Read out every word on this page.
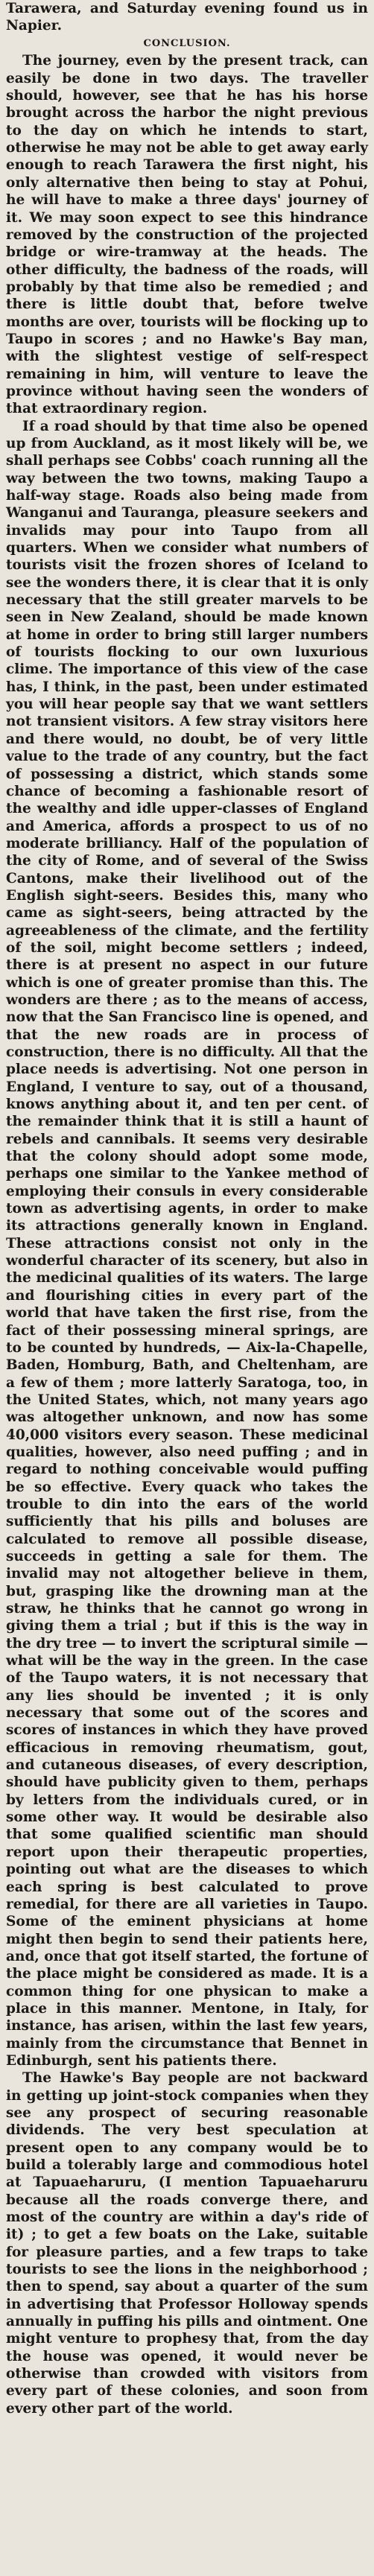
Tarawera, and Saturday evening found us in Napier.

CONCLUSION.

The journey, even by the present track, can easily be done in two days. The traveller should, however, see that he has his horse brought across the harbor the night previous to the day on which he intends to start, otherwise he may not be able to get away early enough to reach Tarawera the first night, his only alternative then being to stay at Pohui, he will have to make a three days' journey of it. We may soon expect to see this hindrance removed by the construction of the projected bridge or wire-tramway at the heads. The other difficulty, the badness of the roads, will probably by that time also be remedied ; and there is little doubt that, before twelve months are over, tourists will be flocking up to Taupo in scores ; and no Hawke's Bay man, with the slightest vestige of self-respect remaining in him, will venture to leave the province without having seen the wonders of that extraordinary region.

If a road should by that time also be opened up from Auckland, as it most likely will be, we shall perhaps see Cobbs' coach running all the way between the two towns, making Taupo a half-way stage. Roads also being made from Wanganui and Tauranga, pleasure seekers and invalids may pour into Taupo from all quarters. When we consider what numbers of tourists visit the frozen shores of Iceland to see the wonders there, it is clear that it is only necessary that the still greater marvels to be seen in New Zealand, should be made known at home in order to bring still larger numbers of tourists flocking to our own luxurious clime. The importance of this view of the case has, I think, in the past, been under estimated you will hear people say that we want settlers not transient visitors. A few stray visitors here and there would, no doubt, be of very little value to the trade of any country, but the fact of possessing a district, which stands some chance of becoming a fashionable resort of the wealthy and idle upper-classes of England and America, affords a prospect to us of no moderate brilliancy. Half of the population of the city of Rome, and of several of the Swiss Cantons, make their livelihood out of the English sight-seers. Besides this, many who came as sight-seers, being attracted by the agreeableness of the climate, and the fertility of the soil, might become settlers ; indeed, there is at present no aspect in our future which is one of greater promise than this. The wonders are there ; as to the means of access, now that the San Francisco line is opened, and that the new roads are in process of construction, there is no difficulty. All that the place needs is advertising. Not one person in England, I venture to say, out of a thousand, knows anything about it, and ten per cent. of the remainder think that it is still a haunt of rebels and cannibals. It seems very desirable that the colony should adopt some mode, perhaps one similar to the Yankee method of employing their consuls in every considerable town as advertising agents, in order to make its attractions generally known in England. These attractions consist not only in the wonderful character of its scenery, but also in the medicinal qualities of its waters. The large and flourishing cities in every part of the world that have taken the first rise, from the fact of their possessing mineral springs, are to be counted by hundreds, — Aix-la-Chapelle, Baden, Homburg, Bath, and Cheltenham, are a few of them ; more latterly Saratoga, too, in the United States, which, not many years ago was altogether unknown, and now has some 40,000 visitors every season. These medicinal qualities, however, also need puffing ; and in regard to nothing conceivable would puffing be so effective. Every quack who takes the trouble to din into the ears of the world sufficiently that his pills and boluses are calculated to remove all possible disease, succeeds in getting a sale for them. The invalid may not altogether believe in them, but, grasping like the drowning man at the straw, he thinks that he cannot go wrong in giving them a trial ; but if this is the way in the dry tree — to invert the scriptural simile — what will be the way in the green. In the case of the Taupo waters, it is not necessary that any lies should be invented ; it is only necessary that some out of the scores and scores of instances in which they have proved efficacious in removing rheumatism, gout, and cutaneous diseases, of every description, should have publicity given to them, perhaps by letters from the individuals cured, or in some other way. It would be desirable also that some qualified scientific man should report upon their therapeutic properties, pointing out what are the diseases to which each spring is best calculated to prove remedial, for there are all varieties in Taupo. Some of the eminent physicians at home might then begin to send their patients here, and, once that got itself started, the fortune of the place might be considered as made. It is a common thing for one physican to make a place in this manner. Mentone, in Italy, for instance, has arisen, within the last few years, mainly from the circumstance that Bennet in Edinburgh, sent his patients there.

The Hawke's Bay people are not backward in getting up joint-stock companies when they see any prospect of securing reasonable dividends. The very best speculation at present open to any company would be to build a tolerably large and commodious hotel at Tapuaeharuru, (I mention Tapuaeharuru because all the roads converge there, and most of the country are within a day's ride of it) ; to get a few boats on the Lake, suitable for pleasure parties, and a few traps to take tourists to see the lions in the neighborhood ; then to spend, say about a quarter of the sum in advertising that Professor Holloway spends annually in puffing his pills and ointment. One might venture to prophesy that, from the day the house was opened, it would never be otherwise than crowded with visitors from every part of these colonies, and soon from every other part of the world.
